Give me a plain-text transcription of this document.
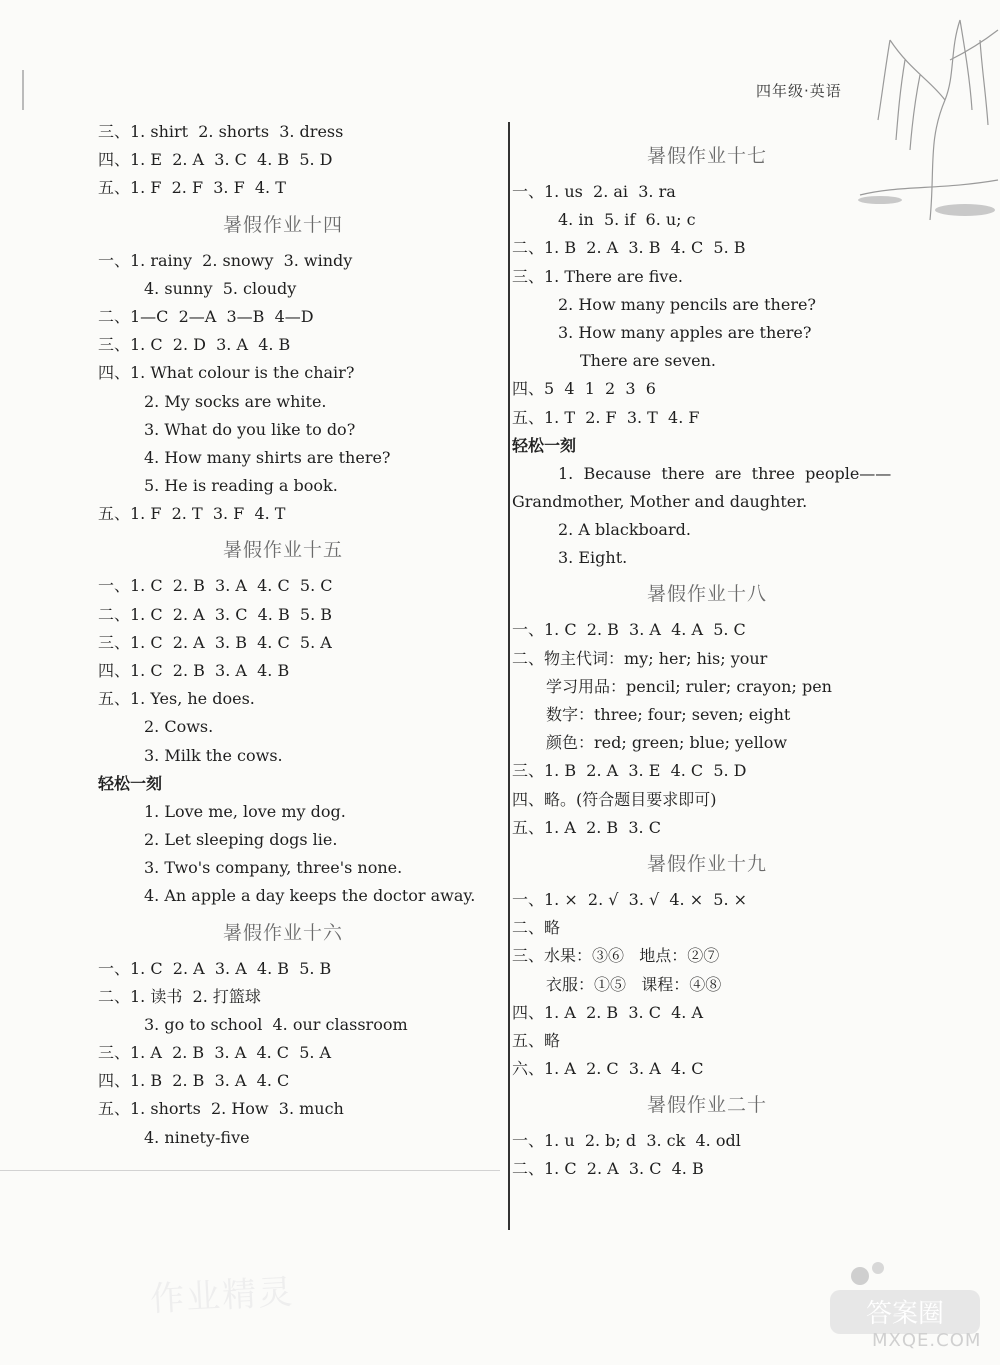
四年级·英语
三、1. shirt  2. shorts  3. dress
四、1. E  2. A  3. C  4. B  5. D
五、1. F  2. F  3. F  4. T
暑假作业十四
一、1. rainy  2. snowy  3. windy
4. sunny  5. cloudy
二、1—C  2—A  3—B  4—D
三、1. C  2. D  3. A  4. B
四、1. What colour is the chair?
2. My socks are white.
3. What do you like to do?
4. How many shirts are there?
5. He is reading a book.
五、1. F  2. T  3. F  4. T
暑假作业十五
一、1. C  2. B  3. A  4. C  5. C
二、1. C  2. A  3. C  4. B  5. B
三、1. C  2. A  3. B  4. C  5. A
四、1. C  2. B  3. A  4. B
五、1. Yes, he does.
2. Cows.
3. Milk the cows.
轻松一刻
1. Love me, love my dog.
2. Let sleeping dogs lie.
3. Two's company, three's none.
4. An apple a day keeps the doctor away.
暑假作业十六
一、1. C  2. A  3. A  4. B  5. B
二、1. 读书  2. 打篮球
3. go to school  4. our classroom
三、1. A  2. B  3. A  4. C  5. A
四、1. B  2. B  3. A  4. C
五、1. shorts  2. How  3. much
4. ninety-five
暑假作业十七
一、1. us  2. ai  3. ra
4. in  5. if  6. u; c
二、1. B  2. A  3. B  4. C  5. B
三、1. There are five.
2. How many pencils are there?
3. How many apples are there?
There are seven.
四、5  4  1  2  3  6
五、1. T  2. F  3. T  4. F
轻松一刻
1.  Because  there  are  three  people——
Grandmother, Mother and daughter.
2. A blackboard.
3. Eight.
暑假作业十八
一、1. C  2. B  3. A  4. A  5. C
二、物主代词：my; her; his; your
学习用品：pencil; ruler; crayon; pen
数字：three; four; seven; eight
颜色：red; green; blue; yellow
三、1. B  2. A  3. E  4. C  5. D
四、略。(符合题目要求即可)
五、1. A  2. B  3. C
暑假作业十九
一、1. ×  2. √  3. √  4. ×  5. ×
二、略
三、水果：③⑥   地点：②⑦
衣服：①⑤   课程：④⑧
四、1. A  2. B  3. C  4. A
五、略
六、1. A  2. C  3. A  4. C
暑假作业二十
一、1. u  2. b; d  3. ck  4. odl
二、1. C  2. A  3. C  4. B
作业精灵	答案圈
MXQE.COM
